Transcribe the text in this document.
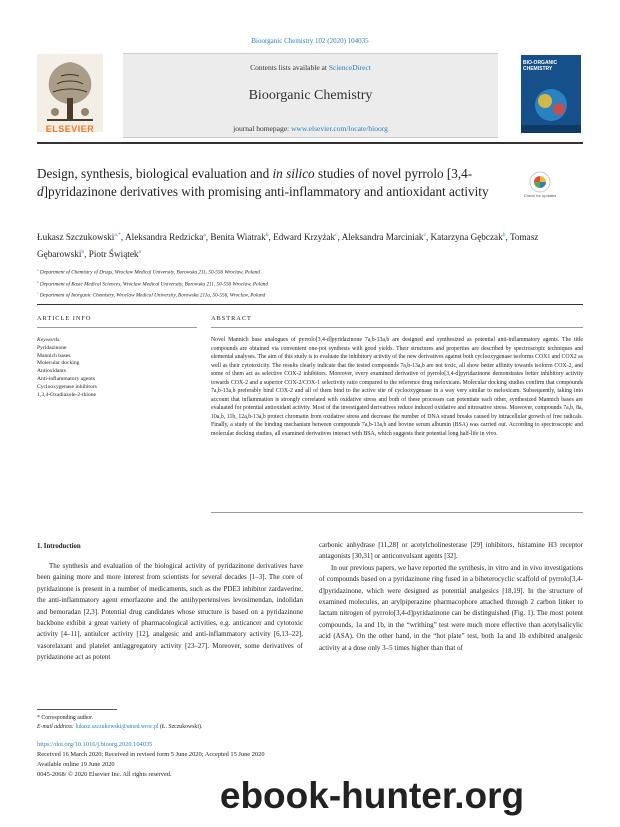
Bioorganic Chemistry 102 (2020) 104035
Contents lists available at ScienceDirect
Bioorganic Chemistry
journal homepage: www.elsevier.com/locate/bioorg
ELSEVIER
BIO-ORGANIC CHEMISTRY
Design, synthesis, biological evaluation and in silico studies of novel pyrrolo [3,4-d]pyridazinone derivatives with promising anti-inflammatory and antioxidant activity	Check for updates
Łukasz Szczukowski$^{a,*}$, Aleksandra Redzicka$^a$, Benita Wiatrak$^b$, Edward Krzyżak$^c$, Aleksandra Marciniak$^c$, Katarzyna Gębczak$^b$, Tomasz Gębarowski$^b$, Piotr Świątek$^a$
$^a$ Department of Chemistry of Drugs, Wroclaw Medical University, Borowska 211, 50-556 Wroclaw, Poland
$^b$ Department of Basic Medical Sciences, Wroclaw Medical University, Borowska 211, 50-556 Wroclaw, Poland
$^c$ Department of Inorganic Chemistry, Wroclaw Medical University, Borowska 211a, 50-556, Wroclaw, Poland
ARTICLE INFO	ABSTRACT
Keywords:
Pyridazinone
Mannich bases
Molecular docking
Antioxidants
Anti-inflammatory agents
Cyclooxygenase inhibitors
1,3,4-Oxadiazole-2-thione
Novel Mannich base analogues of pyrrolo[3,4-d]pyridazinone 7a,b-13a,b are designed and synthesized as potential anti-inflammatory agents. The title compounds are obtained via convenient one-pot synthesis with good yields. Their structures and properties are described by spectroscopic techniques and elemental analyses. The aim of this study is to evaluate the inhibitory activity of the new derivatives against both cyclooxygenase isoforms COX1 and COX2 as well as their cytotoxicity. The results clearly indicate that the tested compounds 7a,b-13a,b are not toxic, all show better affinity towards isoform COX-2, and some of them act as selective COX-2 inhibitors. Moreover, every examined derivative of pyrrolo[3,4-d]pyridazinone demonstrates better inhibitory activity towards COX-2 and a superior COX-2/COX-1 selectivity ratio compared to the reference drug meloxicam. Molecular docking studies confirm that compounds 7a,b-13a,b preferably bind COX-2 and all of them bind to the active site of cyclooxygenase in a way very similar to meloxicam. Subsequently, taking into account that inflammation is strongly correlated with oxidative stress and both of these processes can potentiate each other, synthesized Mannich bases are evaluated for potential antioxidant activity. Most of the investigated derivatives reduce induced oxidative and nitrosative stress. Moreover, compounds 7a,b, 8a, 10a,b, 11b, 12a,b-13a,b protect chromatin from oxidative stress and decrease the number of DNA strand breaks caused by intracellular growth of free radicals. Finally, a study of the binding mechanism between compounds 7a,b-13a,b and bovine serum albumin (BSA) was carried out. According to spectroscopic and molecular docking studies, all examined derivatives interact with BSA, which suggests their potential long half-life in vivo.
1. Introduction

The synthesis and evaluation of the biological activity of pyridazinone derivatives have been gaining more and more interest from scientists for several decades [1–3]. The core of pyridazinone is present in a number of medicaments, such as the PDE3 inhibitor zardaverine, the anti-inflammatory agent emorfazone and the antihypertensives levosimendan, indolidan and bemoradan [2,3]. Potential drug candidates whose structure is based on a pyridazinone backbone exhibit a great variety of pharmacological activities, e.g. anticancer and cytotoxic activity [4–11], antiulcer activity [12], analgesic and anti-inflammatory activity [6,13–22], vasorelaxant and platelet antiaggregatory activity [23–27]. Moreover, some derivatives of pyridazinone act as potent

carbonic anhydrase [11,28] or acetylcholinesterase [29] inhibitors, histamine H3 receptor antagonists [30,31] or anticonvulsant agents [32].

In our previous papers, we have reported the synthesis, in vitro and in vivo investigations of compounds based on a pyridazinone ring fused in a biheterocyclic scaffold of pyrrolo[3,4-d]pyridazinone, which were designed as potential analgesics [18,19]. In the structure of examined molecules, an arylpiperazine pharmacophore attached through 2 carbon linker to lactam nitrogen of pyrrolo[3,4-d]pyridazinone can be distinguished (Fig. 1). The most potent compounds, 1a and 1b, in the “writhing” test were much more effective than acetylsalicylic acid (ASA). On the other hand, in the “hot plate” test, both 1a and 1b exhibited analgesic activity at a dose only 3–5 times higher than that of

* Corresponding author.
E-mail address: lukasz.szczukowski@umed.wroc.pl (Ł. Szczukowski).
https://doi.org/10.1016/j.bioorg.2020.104035
Received 16 March 2020; Received in revised form 5 June 2020; Accepted 15 June 2020
Available online 19 June 2020
0045-2068/ © 2020 Elsevier Inc. All rights reserved.
ebook-hunter.org
